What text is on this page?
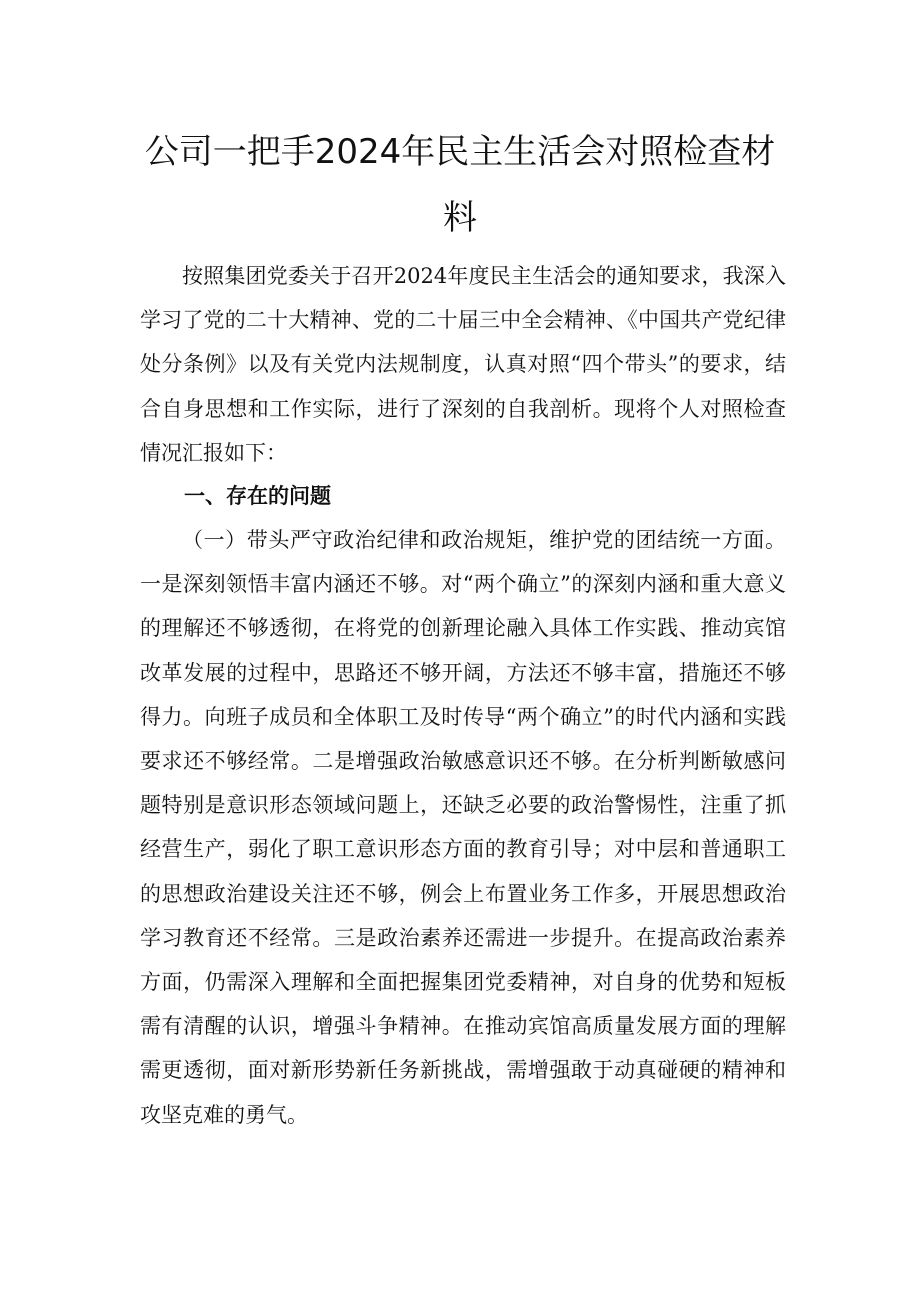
公司一把手2024年民主生活会对照检查材
料

按照集团党委关于召开2024年度民主生活会的通知要求，我深入学习了党的二十大精神、党的二十届三中全会精神、《中国共产党纪律处分条例》以及有关党内法规制度，认真对照“四个带头”的要求，结合自身思想和工作实际，进行了深刻的自我剖析。现将个人对照检查情况汇报如下：

一、存在的问题

（一）带头严守政治纪律和政治规矩，维护党的团结统一方面。一是深刻领悟丰富内涵还不够。对“两个确立”的深刻内涵和重大意义的理解还不够透彻，在将党的创新理论融入具体工作实践、推动宾馆改革发展的过程中，思路还不够开阔，方法还不够丰富，措施还不够得力。向班子成员和全体职工及时传导“两个确立”的时代内涵和实践要求还不够经常。二是增强政治敏感意识还不够。在分析判断敏感问题特别是意识形态领域问题上，还缺乏必要的政治警惕性，注重了抓经营生产，弱化了职工意识形态方面的教育引导；对中层和普通职工的思想政治建设关注还不够，例会上布置业务工作多，开展思想政治学习教育还不经常。三是政治素养还需进一步提升。在提高政治素养方面，仍需深入理解和全面把握集团党委精神，对自身的优势和短板需有清醒的认识，增强斗争精神。在推动宾馆高质量发展方面的理解需更透彻，面对新形势新任务新挑战，需增强敢于动真碰硬的精神和攻坚克难的勇气。
